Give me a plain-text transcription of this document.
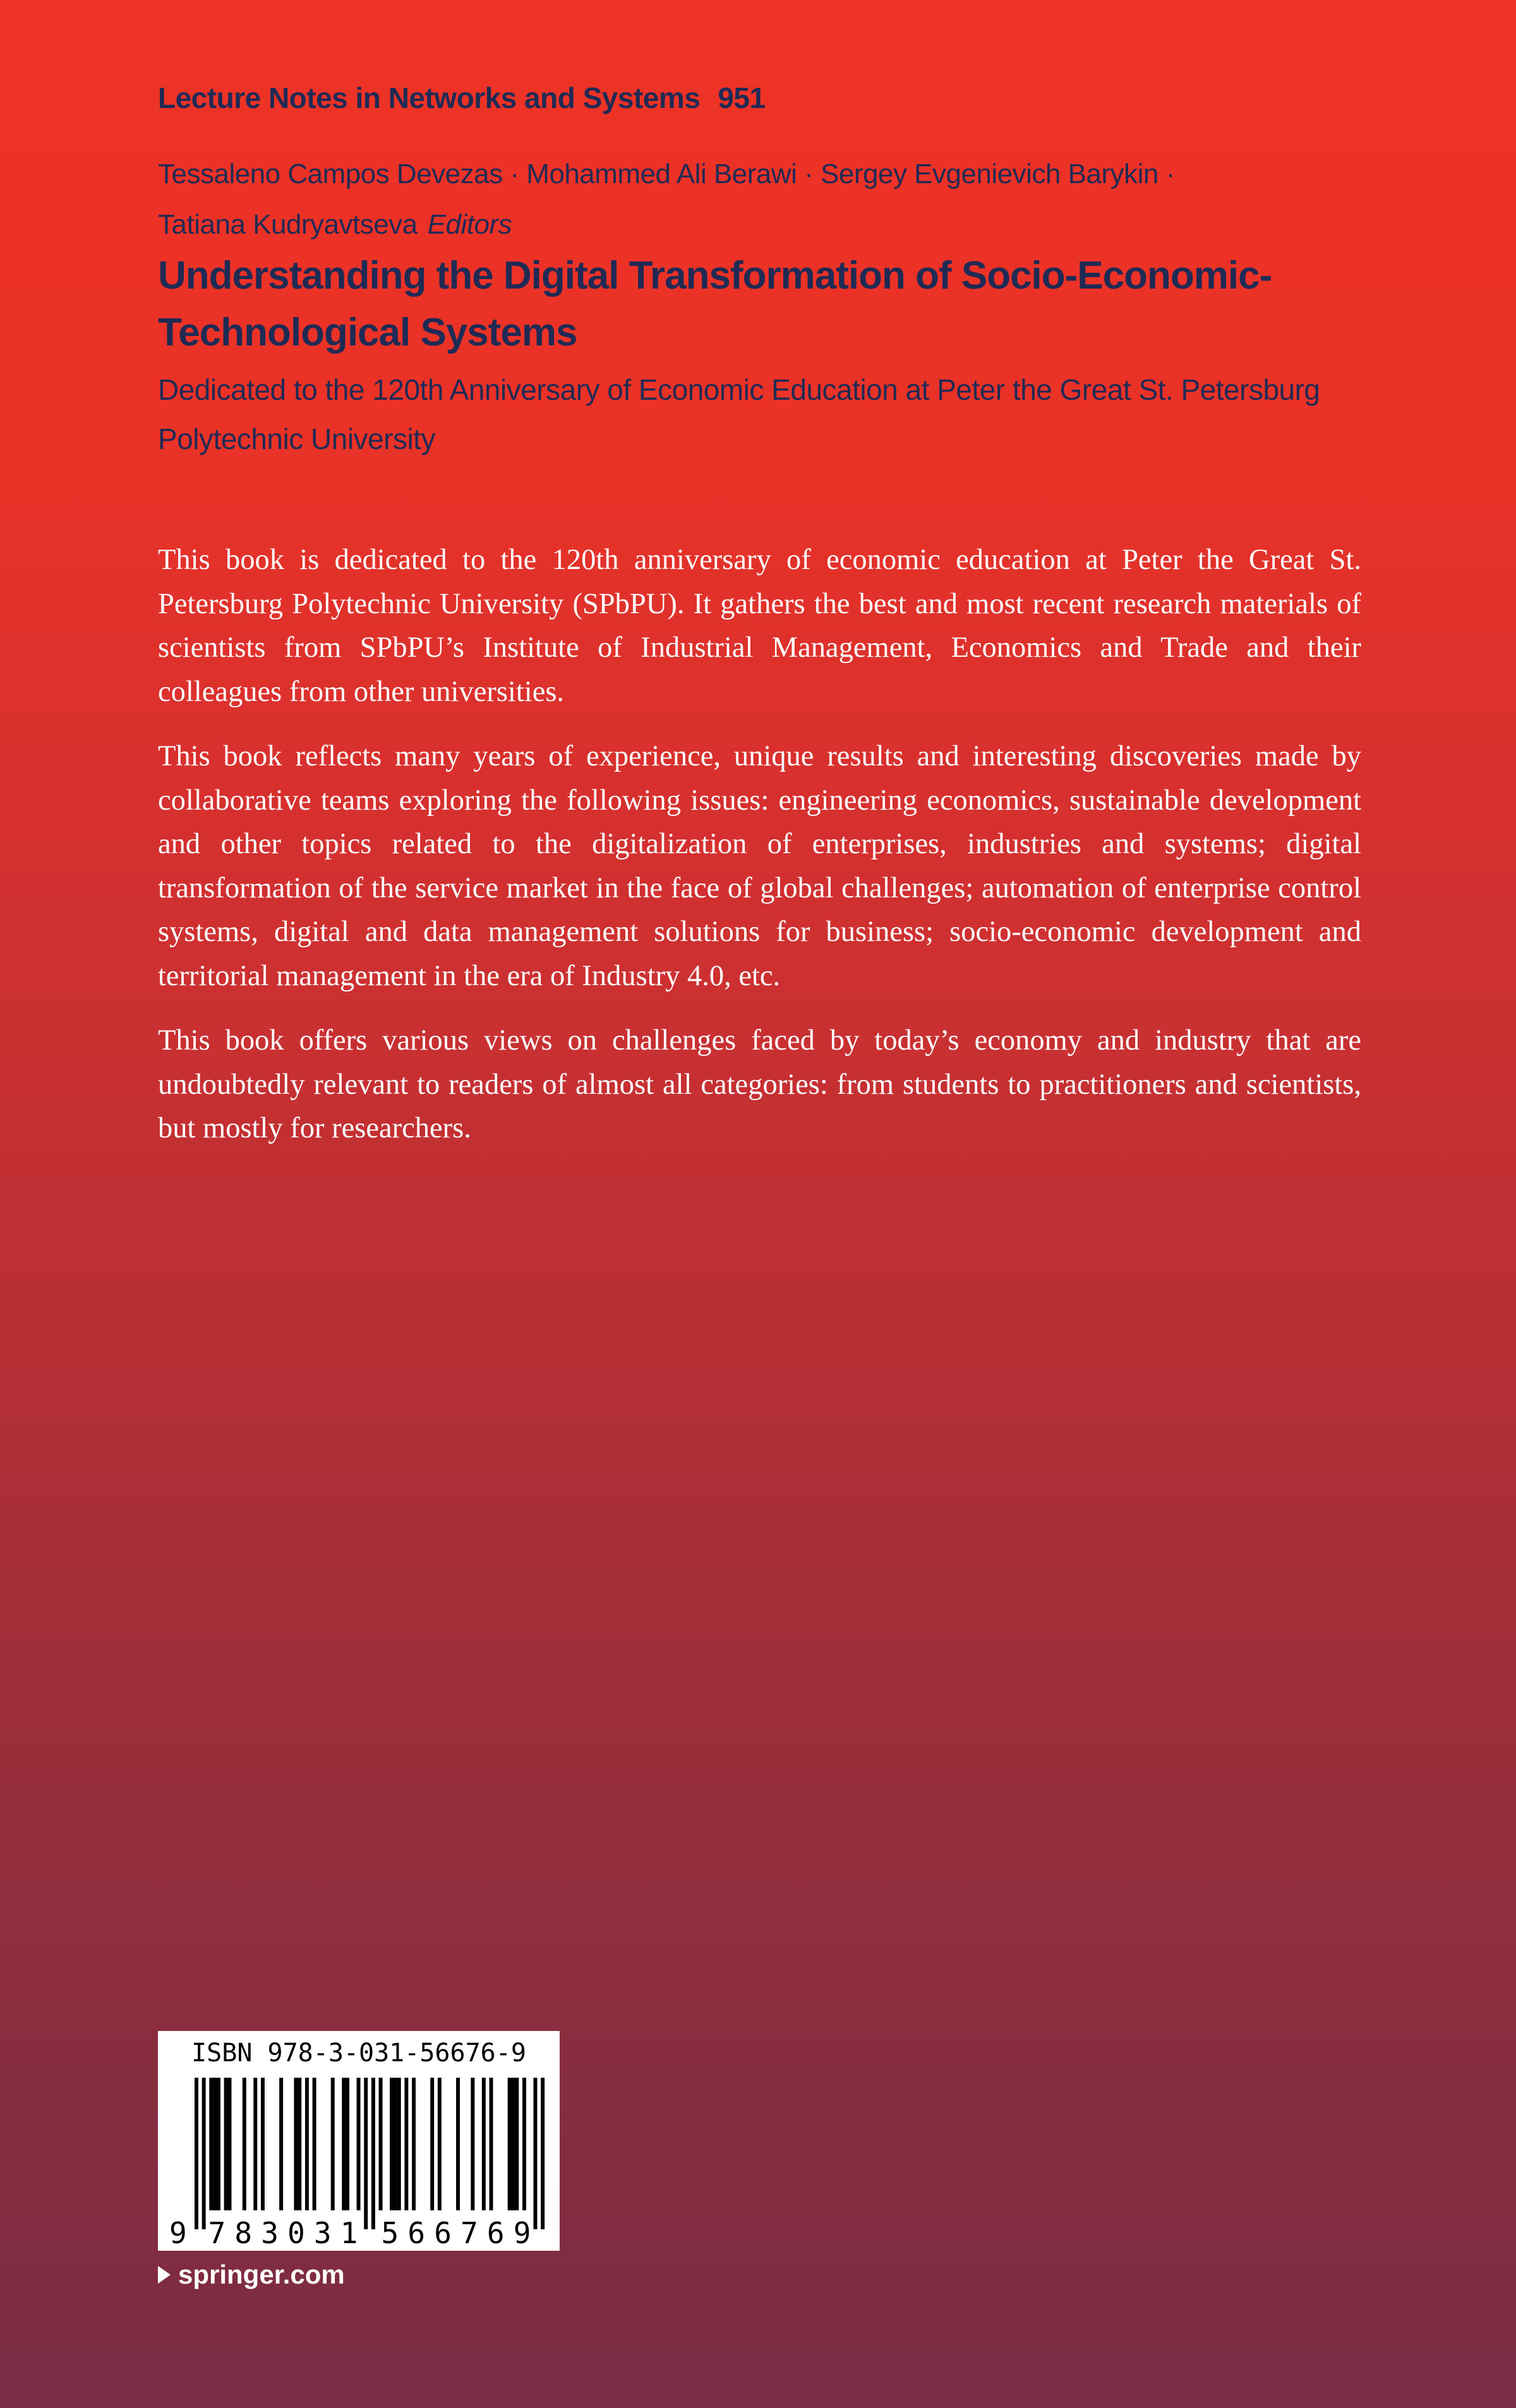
Lecture Notes in Networks and Systems 951
Tessaleno Campos Devezas · Mohammed Ali Berawi · Sergey Evgenievich Barykin ·
Tatiana Kudryavtseva Editors
Understanding the Digital Transformation of Socio-Economic-
Technological Systems
Dedicated to the 120th Anniversary of Economic Education at Peter the Great St. Petersburg
Polytechnic University

This book is dedicated to the 120th anniversary of economic education at Peter the Great St. Petersburg Polytechnic University (SPbPU). It gathers the best and most recent research materials of scientists from SPbPU’s Institute of Industrial Management, Economics and Trade and their colleagues from other universities.

This book reflects many years of experience, unique results and interesting discoveries made by collaborative teams exploring the following issues: engineering economics, sustainable development and other topics related to the digitalization of enterprises, industries and systems; digital transformation of the service market in the face of global challenges; automation of enterprise control systems, digital and data management solutions for business; socio-economic development and territorial management in the era of Industry 4.0, etc.

This book offers various views on challenges faced by today’s economy and industry that are undoubtedly relevant to readers of almost all categories: from students to practitioners and scientists, but mostly for researchers.

ISBN 978-3-031-56676-9
9 783031 566769
springer.com
